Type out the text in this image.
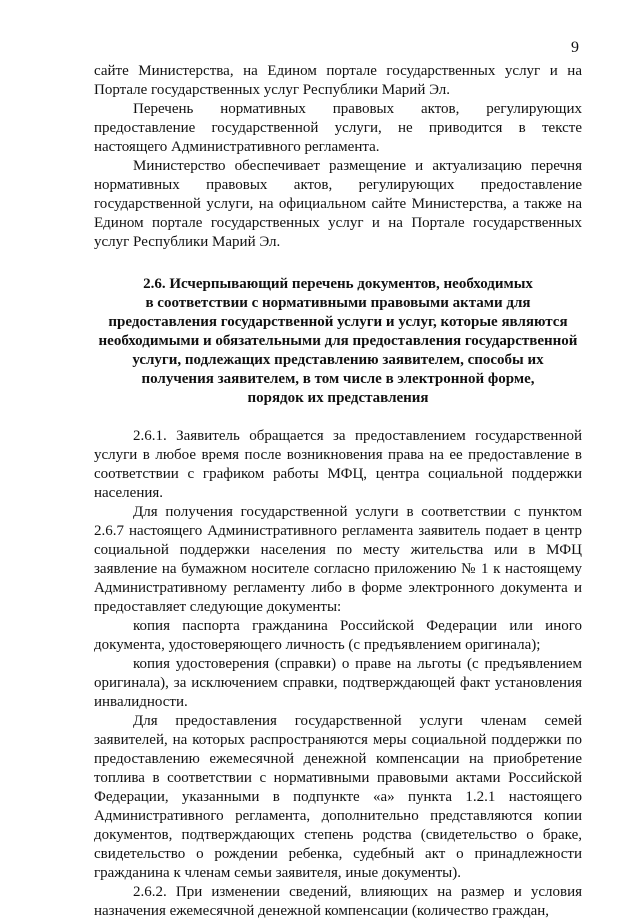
9

сайте Министерства, на Едином портале государственных услуг и на Портале государственных услуг Республики Марий Эл.

Перечень нормативных правовых актов, регулирующих предоставление государственной услуги, не приводится в тексте настоящего Административного регламента.

Министерство обеспечивает размещение и актуализацию перечня нормативных правовых актов, регулирующих предоставление государственной услуги, на официальном сайте Министерства, а также на Едином портале государственных услуг и на Портале государственных услуг Республики Марий Эл.

2.6. Исчерпывающий перечень документов, необходимых
в соответствии с нормативными правовыми актами для
предоставления государственной услуги и услуг, которые являются
необходимыми и обязательными для предоставления государственной
услуги, подлежащих представлению заявителем, способы их
получения заявителем, в том числе в электронной форме,
порядок их представления

2.6.1. Заявитель обращается за предоставлением государственной услуги в любое время после возникновения права на ее предоставление в соответствии с графиком работы МФЦ, центра социальной поддержки населения.

Для получения государственной услуги в соответствии с пунктом 2.6.7 настоящего Административного регламента заявитель подает в центр социальной поддержки населения по месту жительства или в МФЦ заявление на бумажном носителе согласно приложению № 1 к настоящему Административному регламенту либо в форме электронного документа и предоставляет следующие документы:

копия паспорта гражданина Российской Федерации или иного документа, удостоверяющего личность (с предъявлением оригинала);

копия удостоверения (справки) о праве на льготы (с предъявлением оригинала), за исключением справки, подтверждающей факт установления инвалидности.

Для предоставления государственной услуги членам семей заявителей, на которых распространяются меры социальной поддержки по предоставлению ежемесячной денежной компенсации на приобретение топлива в соответствии с нормативными правовыми актами Российской Федерации, указанными в подпункте «а» пункта 1.2.1 настоящего Административного регламента, дополнительно представляются копии документов, подтверждающих степень родства (свидетельство о браке, свидетельство о рождении ребенка, судебный акт о принадлежности гражданина к членам семьи заявителя, иные документы).

2.6.2. При изменении сведений, влияющих на размер и условия назначения ежемесячной денежной компенсации (количество граждан,
